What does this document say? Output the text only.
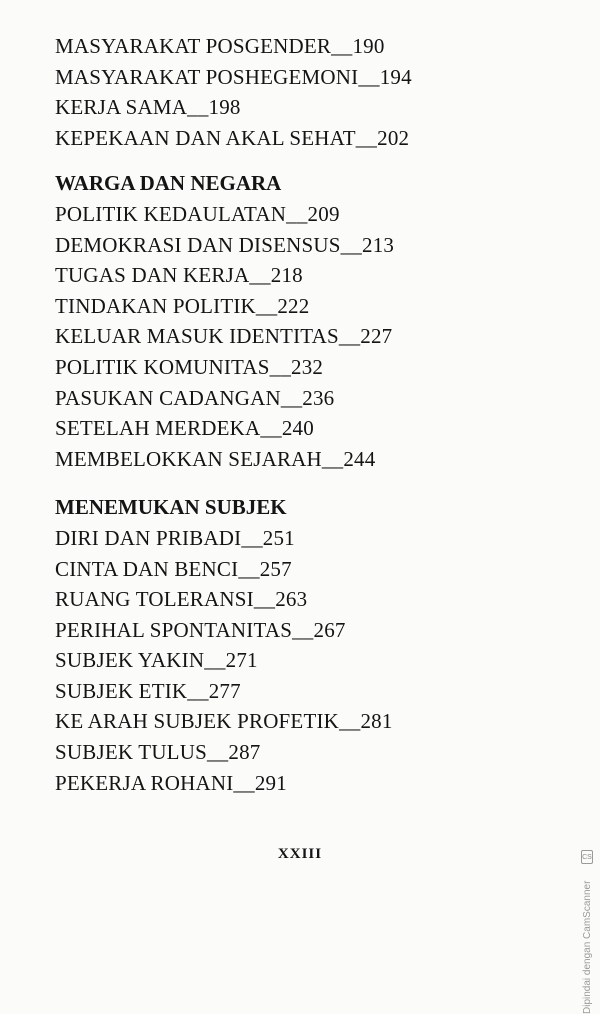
MASYARAKAT POSGENDER__190
MASYARAKAT POSHEGEMONI__194
KERJA SAMA__198
KEPEKAAN DAN AKAL SEHAT__202
WARGA DAN NEGARA
POLITIK KEDAULATAN__209
DEMOKRASI DAN DISENSUS__213
TUGAS DAN KERJA__218
TINDAKAN POLITIK__222
KELUAR MASUK IDENTITAS__227
POLITIK KOMUNITAS__232
PASUKAN CADANGAN__236
SETELAH MERDEKA__240
MEMBELOKKAN SEJARAH__244
MENEMUKAN SUBJEK
DIRI DAN PRIBADI__251
CINTA DAN BENCI__257
RUANG TOLERANSI__263
PERIHAL SPONTANITAS__267
SUBJEK YAKIN__271
SUBJEK ETIK__277
KE ARAH SUBJEK PROFETIK__281
SUBJEK TULUS__287
PEKERJA ROHANI__291
XXIII
Dipindai dengan CamScanner
CS
